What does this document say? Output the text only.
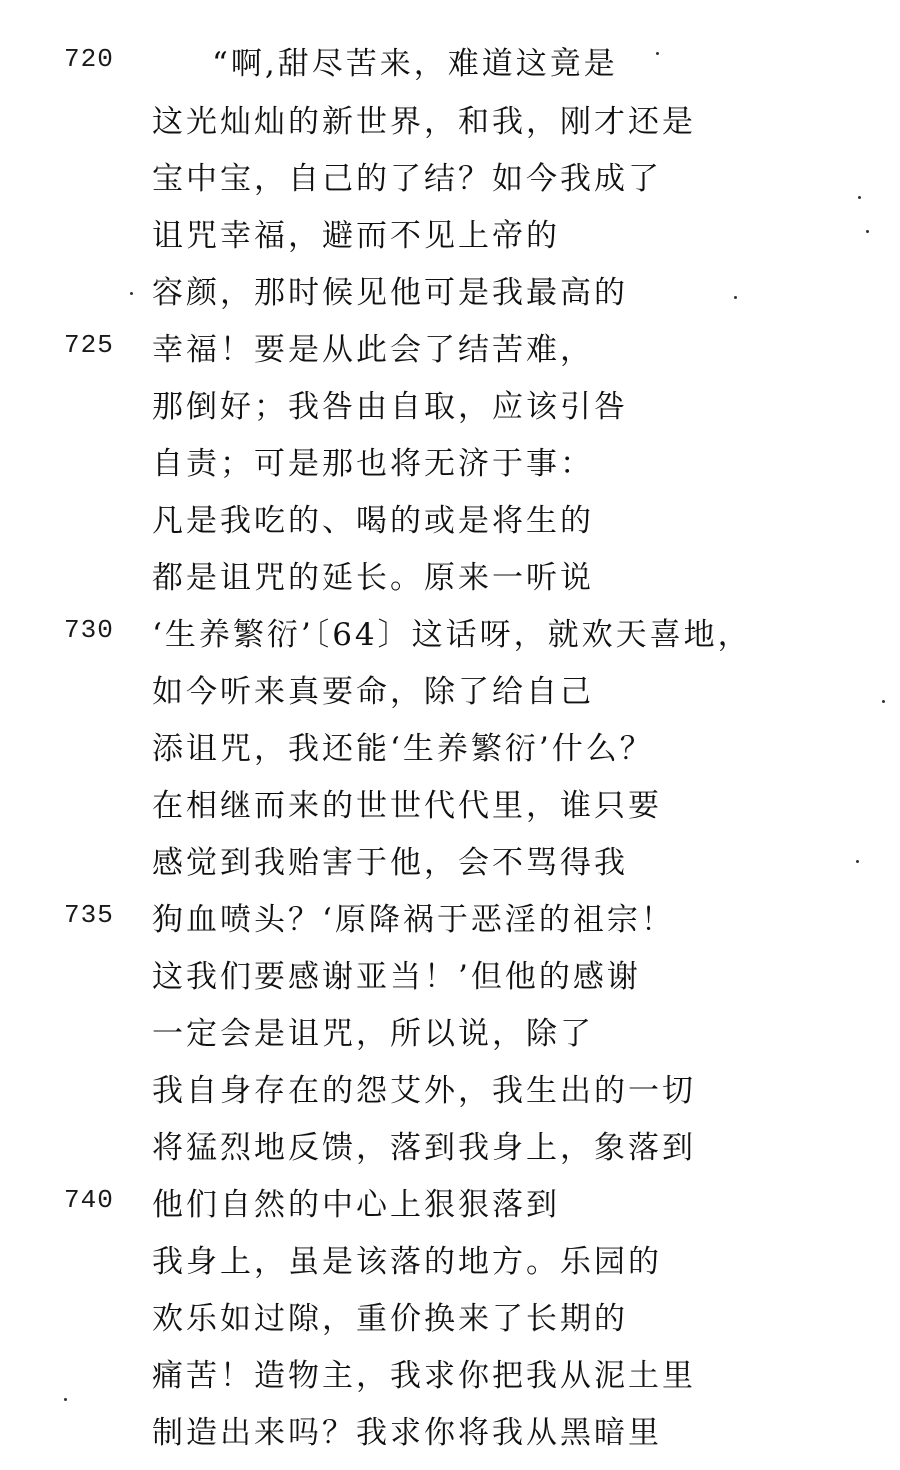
720	“啊,甜尽苦来，难道这竟是
这光灿灿的新世界，和我，刚才还是
宝中宝，自己的了结？如今我成了
诅咒幸福，避而不见上帝的
容颜，那时候见他可是我最高的
725 幸福！要是从此会了结苦难，
那倒好；我咎由自取，应该引咎
自责；可是那也将无济于事：
凡是我吃的、喝的或是将生的
都是诅咒的延长。原来一听说
730 ‘生养繁衍’〔64〕这话呀，就欢天喜地，
如今听来真要命，除了给自己
添诅咒，我还能‘生养繁衍’什么？
在相继而来的世世代代里，谁只要
感觉到我贻害于他，会不骂得我
735 狗血喷头？‘原降祸于恶淫的祖宗！
这我们要感谢亚当！’但他的感谢
一定会是诅咒，所以说，除了
我自身存在的怨艾外，我生出的一切
将猛烈地反馈，落到我身上，象落到
740 他们自然的中心上狠狠落到
我身上，虽是该落的地方。乐园的
欢乐如过隙，重价换来了长期的
痛苦！造物主，我求你把我从泥土里
制造出来吗？我求你将我从黑暗里
